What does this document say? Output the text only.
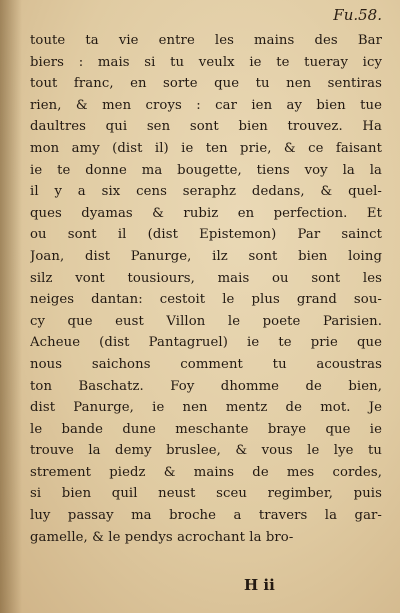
Fu.58.
toute ta vie entre les mains des Bar
biers : mais si tu veulx ie te tueray icy
tout franc, en sorte que tu nen sentiras
rien, & men croys : car ien ay bien tue
daultres qui sen sont bien trouvez. Ha
mon amy (dist il) ie ten prie, & ce faisant
ie te donne ma bougette, tiens voy la la
il y a six cens seraphz dedans, & quel-
ques dyamas & rubiz en perfection. Et
ou sont il (dist Epistemon) Par sainct
Joan, dist Panurge, ilz sont bien loing
silz vont tousiours, mais ou sont les
neiges dantan: cestoit le plus grand sou-
cy que eust Villon le poete Parisien.
Acheue (dist Pantagruel) ie te prie que
nous saichons comment tu acoustras
ton Baschatz. Foy dhomme de bien,
dist Panurge, ie nen mentz de mot. Je
le bande dune meschante braye que ie
trouve la demy bruslee, & vous le lye tu
strement piedz & mains de mes cordes,
si bien quil neust sceu regimber, puis
luy passay ma broche a travers la gar-
gamelle, & le pendys acrochant la bro-
H ii
